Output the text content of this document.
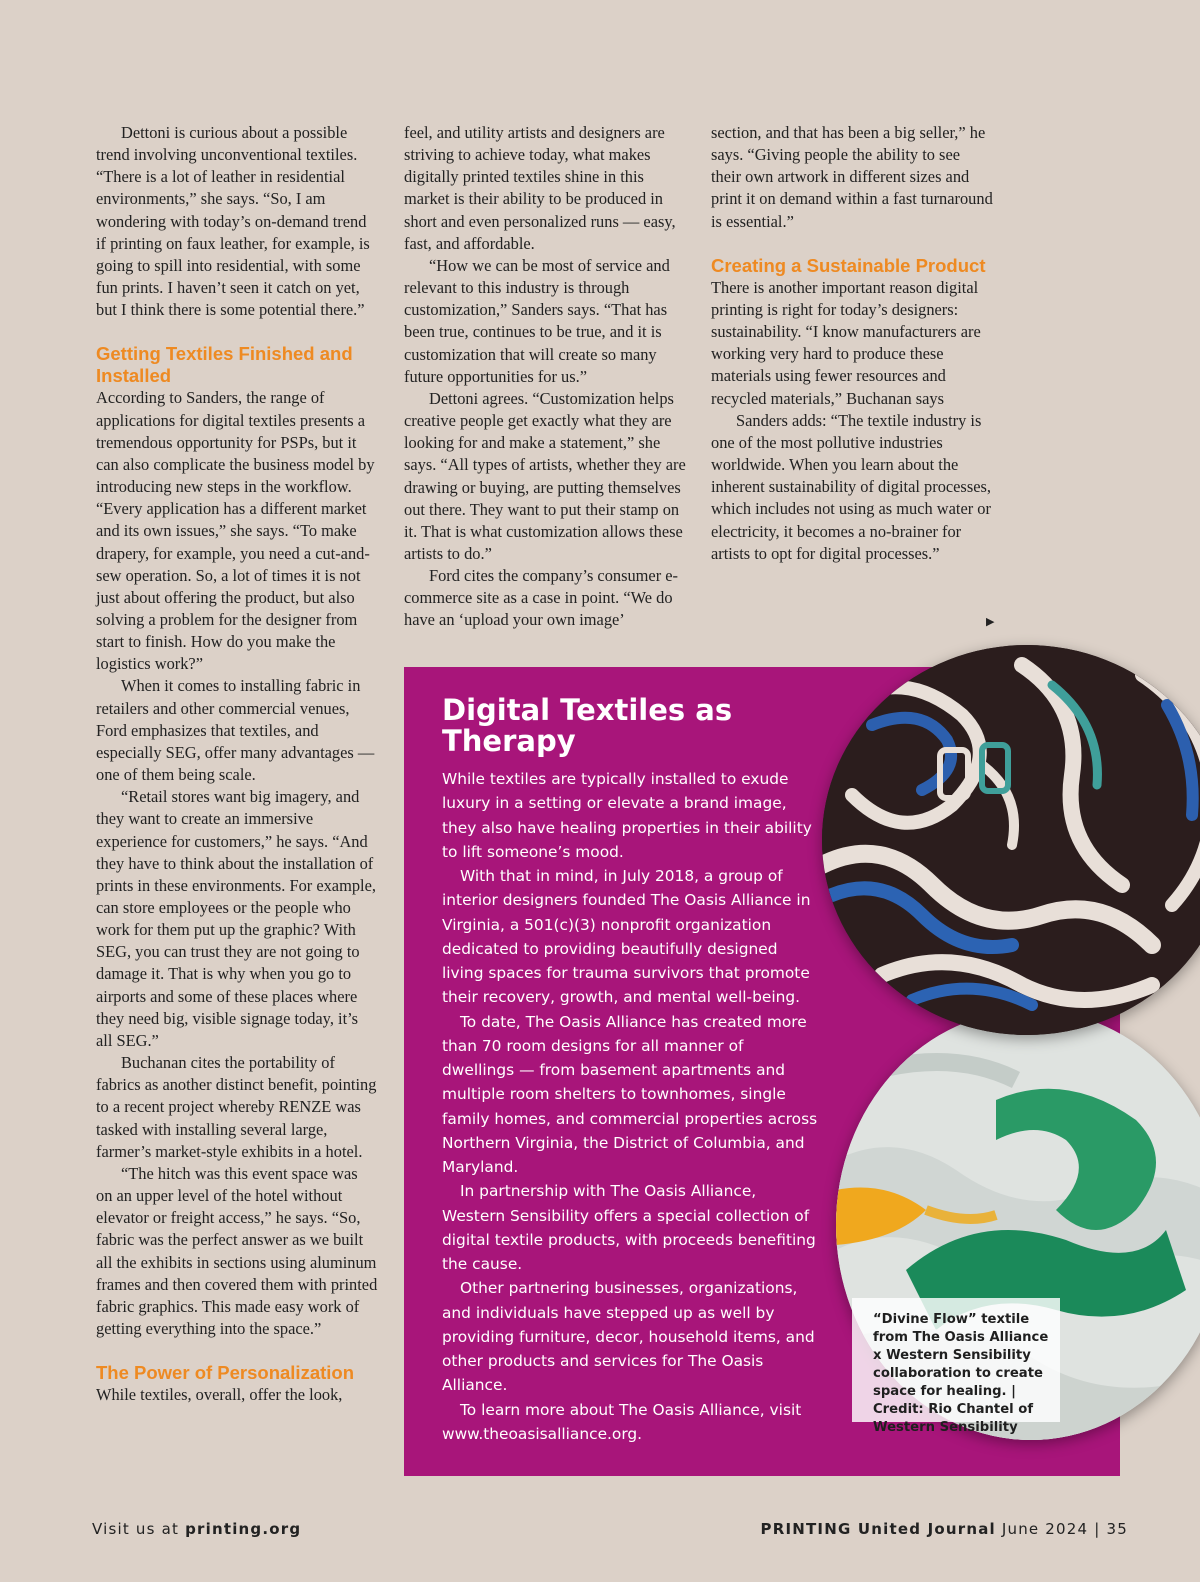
Dettoni is curious about a possible trend involving unconventional textiles. “There is a lot of leather in residential environments,” she says. “So, I am wondering with today’s on-demand trend if printing on faux leather, for example, is going to spill into residential, with some fun prints. I haven’t seen it catch on yet, but I think there is some potential there.”

Getting Textiles Finished and Installed

According to Sanders, the range of applications for digital textiles presents a tremendous opportunity for PSPs, but it can also complicate the business model by introducing new steps in the workflow. “Every application has a different market and its own issues,” she says. “To make drapery, for example, you need a cut-and-sew operation. So, a lot of times it is not just about offering the product, but also solving a problem for the designer from start to finish. How do you make the logistics work?”

When it comes to installing fabric in retailers and other commercial venues, Ford emphasizes that textiles, and especially SEG, offer many advantages — one of them being scale.

“Retail stores want big imagery, and they want to create an immersive experience for customers,” he says. “And they have to think about the installation of prints in these environments. For example, can store employees or the people who work for them put up the graphic? With SEG, you can trust they are not going to damage it. That is why when you go to airports and some of these places where they need big, visible signage today, it’s all SEG.”

Buchanan cites the portability of fabrics as another distinct benefit, pointing to a recent project whereby RENZE was tasked with installing several large, farmer’s market-style exhibits in a hotel.

“The hitch was this event space was on an upper level of the hotel without elevator or freight access,” he says. “So, fabric was the perfect answer as we built all the exhibits in sections using aluminum frames and then covered them with printed fabric graphics. This made easy work of getting everything into the space.”

The Power of Personalization

While textiles, overall, offer the look,

feel, and utility artists and designers are striving to achieve today, what makes digitally printed textiles shine in this market is their ability to be produced in short and even personalized runs — easy, fast, and affordable.

“How we can be most of service and relevant to this industry is through customization,” Sanders says. “That has been true, continues to be true, and it is customization that will create so many future opportunities for us.”

Dettoni agrees. “Customization helps creative people get exactly what they are looking for and make a statement,” she says. “All types of artists, whether they are drawing or buying, are putting themselves out there. They want to put their stamp on it. That is what customization allows these artists to do.”

Ford cites the company’s consumer e-commerce site as a case in point. “We do have an ‘upload your own image’

section, and that has been a big seller,” he says. “Giving people the ability to see their own artwork in different sizes and print it on demand within a fast turnaround is essential.”

Creating a Sustainable Product

There is another important reason digital printing is right for today’s designers: sustainability. “I know manufacturers are working very hard to produce these materials using fewer resources and recycled materials,” Buchanan says

Sanders adds: “The textile industry is one of the most pollutive industries worldwide. When you learn about the inherent sustainability of digital processes, which includes not using as much water or electricity, it becomes a no-brainer for artists to opt for digital processes.”

▶
Digital Textiles as Therapy

While textiles are typically installed to exude luxury in a setting or elevate a brand image, they also have healing properties in their ability to lift someone’s mood.

With that in mind, in July 2018, a group of interior designers founded The Oasis Alliance in Virginia, a 501(c)(3) nonprofit organization dedicated to providing beautifully designed living spaces for trauma survivors that promote their recovery, growth, and mental well-being.

To date, The Oasis Alliance has created more than 70 room designs for all manner of dwellings — from basement apartments and multiple room shelters to townhomes, single family homes, and commercial properties across Northern Virginia, the District of Columbia, and Maryland.

In partnership with The Oasis Alliance, Western Sensibility offers a special collection of digital textile products, with proceeds benefiting the cause.

Other partnering businesses, organizations, and individuals have stepped up as well by providing furniture, decor, household items, and other products and services for The Oasis Alliance.

To learn more about The Oasis Alliance, visit www.theoasisalliance.org.

“Divine Flow” textile from The Oasis Alliance x Western Sensibility collaboration to create space for healing. | Credit: Rio Chantel of Western Sensibility
Visit us at printing.org	PRINTING United Journal June 2024 | 35
